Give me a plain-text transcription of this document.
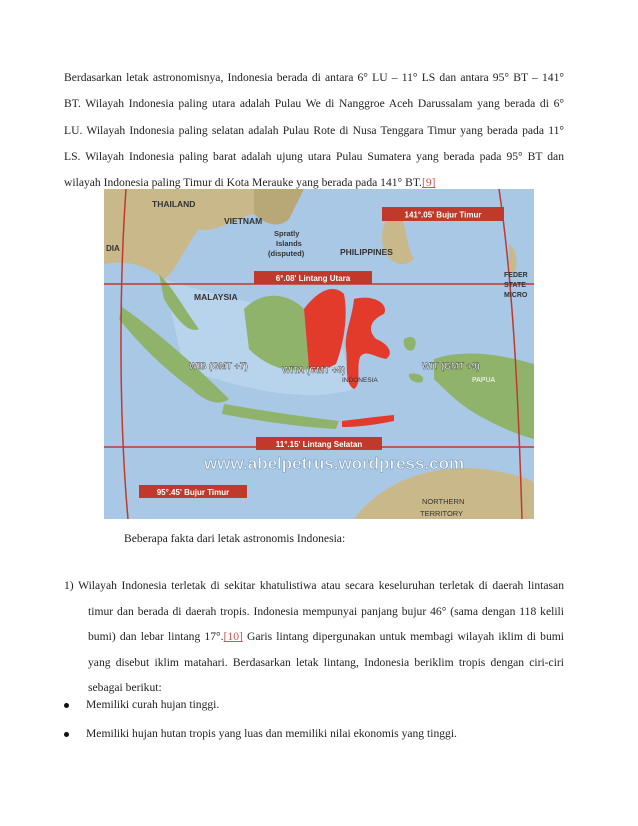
Berdasarkan letak astronomisnya, Indonesia berada di antara 6° LU – 11° LS dan antara 95° BT – 141°
BT. Wilayah Indonesia paling utara adalah Pulau We di Nanggroe Aceh Darussalam yang berada di 6°
LU. Wilayah Indonesia paling selatan adalah Pulau Rote di Nusa Tenggara Timur yang berada pada 11°
LS. Wilayah Indonesia paling barat adalah ujung utara Pulau Sumatera yang berada pada 95° BT dan
wilayah Indonesia paling Timur di Kota Merauke yang berada pada 141° BT.[9]
THAILAND
VIETNAM
Spratly
Islands
(disputed)	PHILIPPINES
MALAYSIA
INDONESIA	PAPUA
DIA
FEDER
STATE
MICRO
NORTHERN
TERRITORY
141°.05' Bujur Timur
6°.08' Lintang Utara
11°.15' Lintang Selatan
95°.45' Bujur Timur
WIB (GMT +7)	WITA (GMT +8)	WIT (GMT +9)
www.abelpetrus.wordpress.com
Beberapa fakta dari letak astronomis Indonesia:
1) Wilayah Indonesia terletak di sekitar khatulistiwa atau secara keseluruhan terletak di daerah lintasan
timur dan berada di daerah tropis. Indonesia mempunyai panjang bujur 46° (sama dengan 118 kelili
bumi) dan lebar lintang 17°.[10] Garis lintang dipergunakan untuk membagi wilayah iklim di bumi
yang disebut iklim matahari. Berdasarkan letak lintang, Indonesia beriklim tropis dengan ciri-ciri
sebagai berikut:
Memiliki curah hujan tinggi.
Memiliki hujan hutan tropis yang luas dan memiliki nilai ekonomis yang tinggi.
